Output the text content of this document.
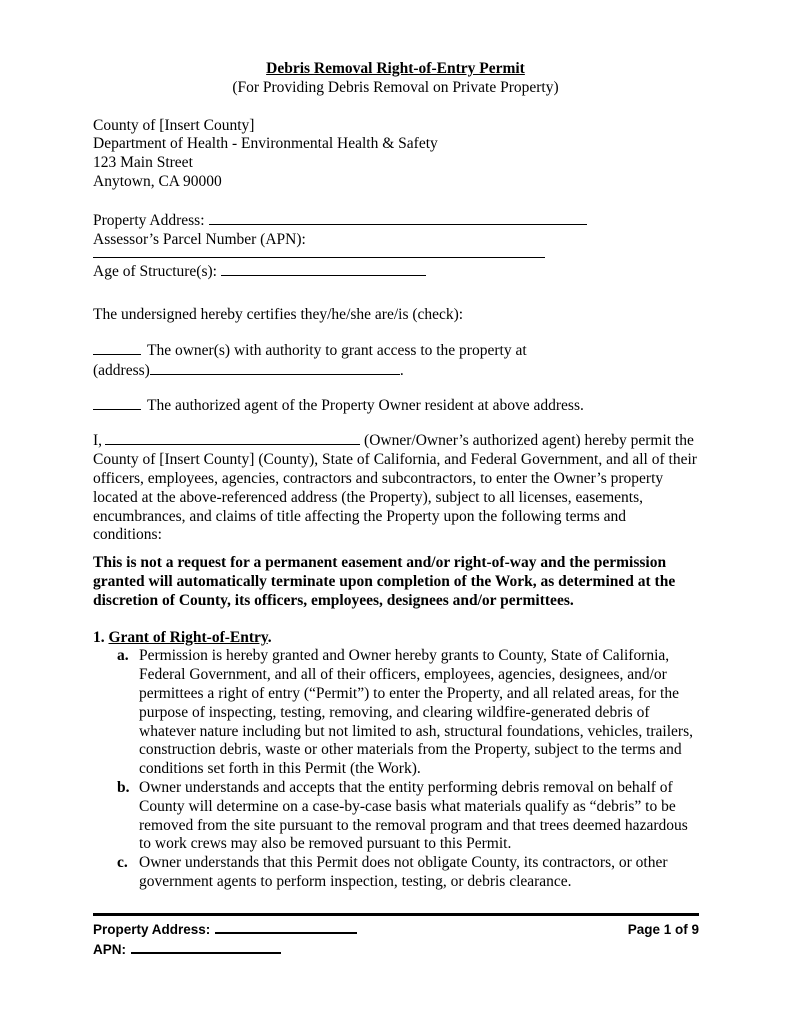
Debris Removal Right-of-Entry Permit

(For Providing Debris Removal on Private Property)

County of [Insert County]
Department of Health - Environmental Health & Safety
123 Main Street
Anytown, CA 90000

Property Address:

Assessor’s Parcel Number (APN):

Age of Structure(s):

The undersigned hereby certifies they/he/she are/is (check):

The owner(s) with authority to grant access to the property at
(address)	.

The authorized agent of the Property Owner resident at above address.

I,	(Owner/Owner’s authorized agent) hereby permit the County of [Insert County] (County), State of California, and Federal Government, and all of their officers, employees, agencies, contractors and subcontractors, to enter the Owner’s property located at the above-referenced address (the Property), subject to all licenses, easements, encumbrances, and claims of title affecting the Property upon the following terms and conditions:

This is not a request for a permanent easement and/or right-of-way and the permission granted will automatically terminate upon completion of the Work, as determined at the discretion of County, its officers, employees, designees and/or permittees.

1. Grant of Right-of-Entry.

a. Permission is hereby granted and Owner hereby grants to County, State of California, Federal Government, and all of their officers, employees, agencies, designees, and/or permittees a right of entry (“Permit”) to enter the Property, and all related areas, for the purpose of inspecting, testing, removing, and clearing wildfire-generated debris of whatever nature including but not limited to ash, structural foundations, vehicles, trailers, construction debris, waste or other materials from the Property, subject to the terms and conditions set forth in this Permit (the Work).
b. Owner understands and accepts that the entity performing debris removal on behalf of County will determine on a case-by-case basis what materials qualify as “debris” to be removed from the site pursuant to the removal program and that trees deemed hazardous to work crews may also be removed pursuant to this Permit.
c. Owner understands that this Permit does not obligate County, its contractors, or other government agents to perform inspection, testing, or debris clearance.
Property Address:
APN:
Page 1 of 9
